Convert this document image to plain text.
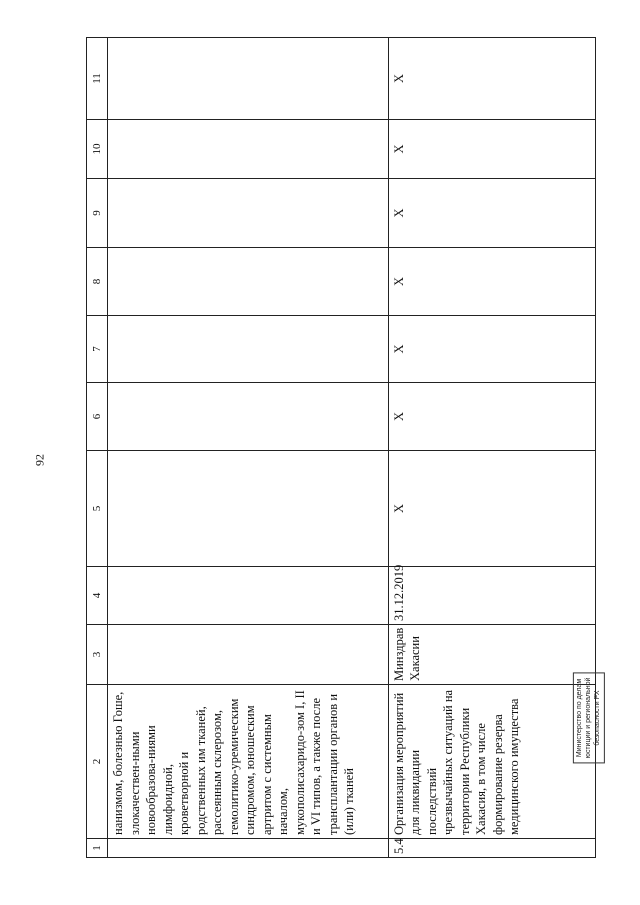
92
1	2	3	4	5	6	7	8	9	10	11
	нанизмом, болезнью Гоше, злокачествен-ными новообразова-ниями лимфоидной, кроветворной и родственных им тканей, рассеянным склерозом, гемолитико-уремическим синдромом, юношеским артритом с системным началом, мукополисахаридо-зом I, II и VI типов, а также после трансплантации органов и (или) тканей									
5.4	Организация мероприятий для ликвидации последствий чрезвычайных ситуаций на территории Республики Хакасия, в том числе формирование резерва медицинского имущества	Минздрав Хакасии	31.12.2019	X	X	X	X	X	X	X
Министерство по делам юстиции и региональной безопасности РХ
